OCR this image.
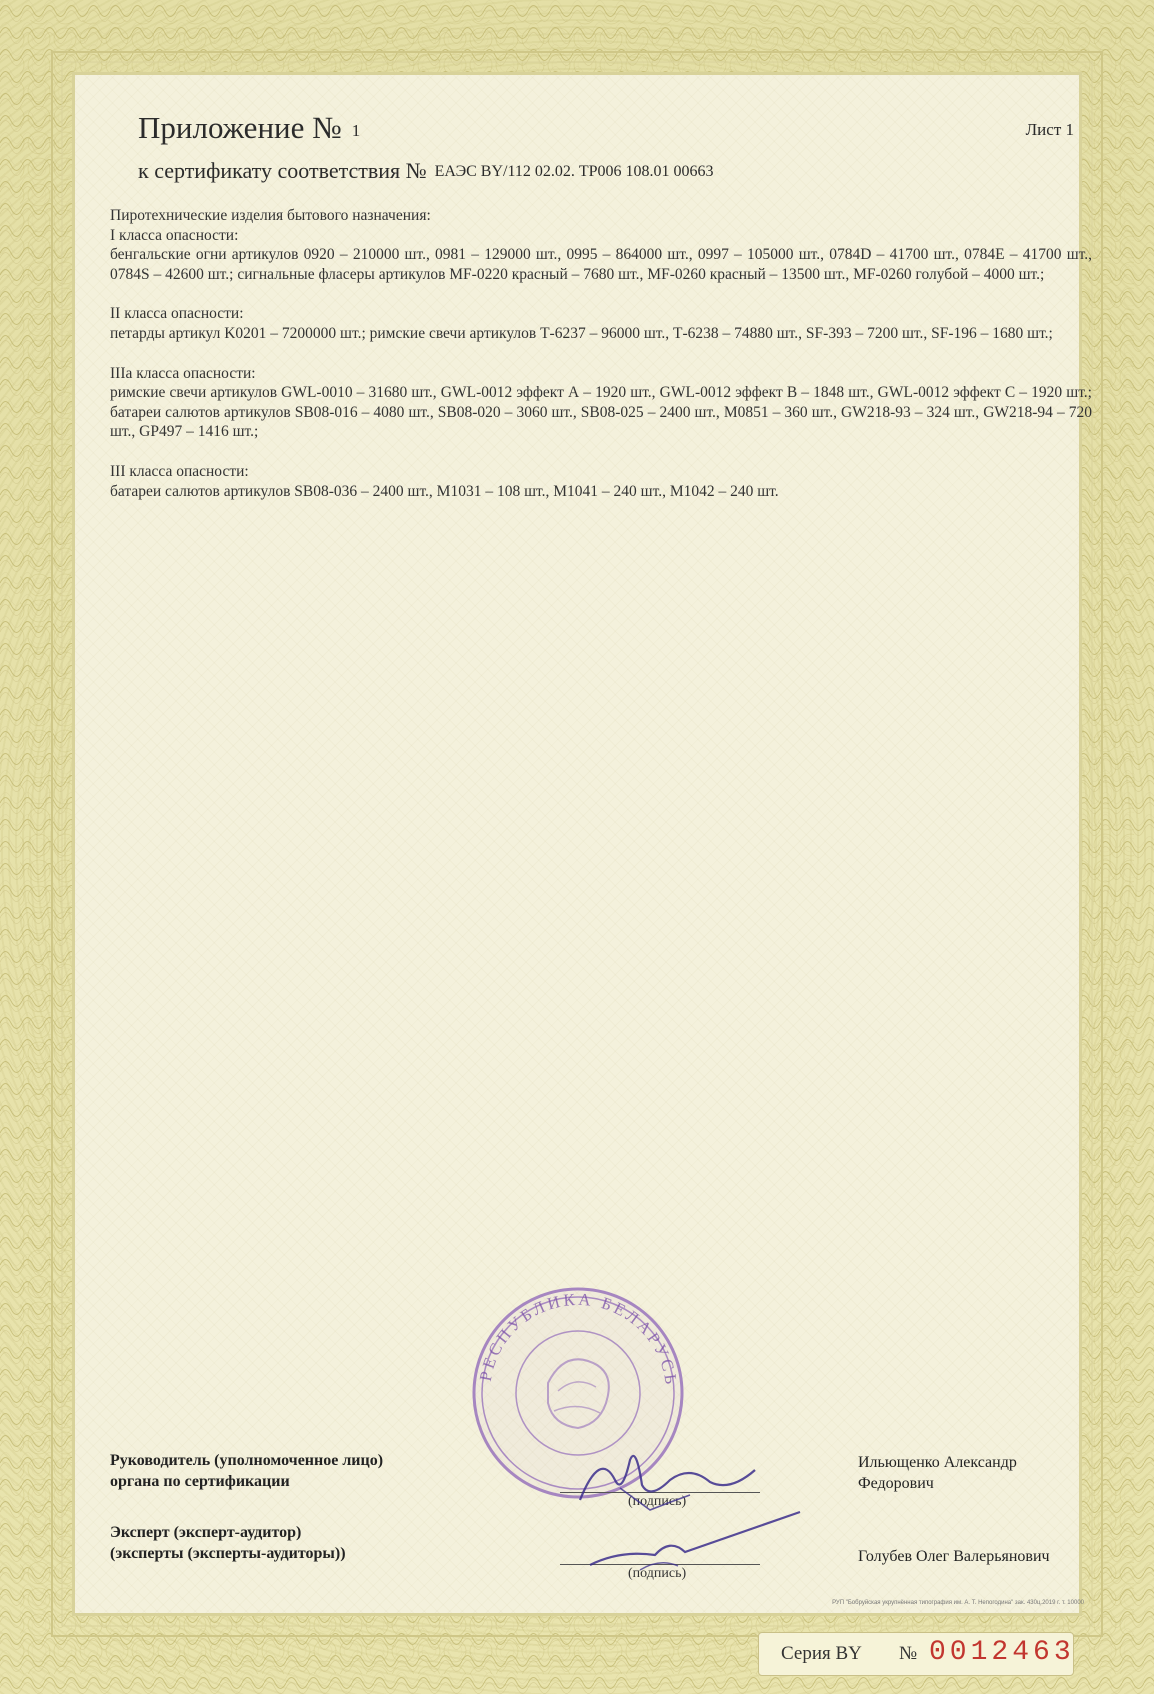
Приложение № 1	Лист 1
к сертификату соответствия № ЕАЭС BY/112 02.02. ТР006 108.01 00663

Пиротехнические изделия бытового назначения:

I класса опасности:

бенгальские огни артикулов 0920 – 210000 шт., 0981 – 129000 шт., 0995 – 864000 шт., 0997 – 105000 шт., 0784D – 41700 шт., 0784E – 41700 шт., 0784S – 42600 шт.; сигнальные фласеры артикулов MF-0220 красный – 7680 шт., MF-0260 красный – 13500 шт., MF-0260 голубой – 4000 шт.;

II класса опасности:

петарды артикул K0201 – 7200000 шт.; римские свечи артикулов Т-6237 – 96000 шт., Т-6238 – 74880 шт., SF-393 – 7200 шт., SF-196 – 1680 шт.;

IIIa класса опасности:

римские свечи артикулов GWL-0010 – 31680 шт., GWL-0012 эффект А – 1920 шт., GWL-0012 эффект В – 1848 шт., GWL-0012 эффект С – 1920 шт.; батареи салютов артикулов SB08-016 – 4080 шт., SB08-020 – 3060 шт., SB08-025 – 2400 шт., M0851 – 360 шт., GW218-93 – 324 шт., GW218-94 – 720 шт., GP497 – 1416 шт.;

III класса опасности:

батареи салютов артикулов SB08-036 – 2400 шт., M1031 – 108 шт., M1041 – 240 шт., M1042 – 240 шт.

РЕСПУБЛИКА БЕЛАРУСЬ
Руководитель (уполномоченное лицо)
органа по сертификации
(подпись)
Ильющенко Александр
Федорович
Эксперт (эксперт-аудитор)
(эксперты (эксперты-аудиторы))
(подпись)
Голубев Олег Валерьянович
РУП "Бобруйская укрупнённая типография им. А. Т. Непогодина" зак. 430ц.2019 г. т. 10000
Серия BY № 0012463
